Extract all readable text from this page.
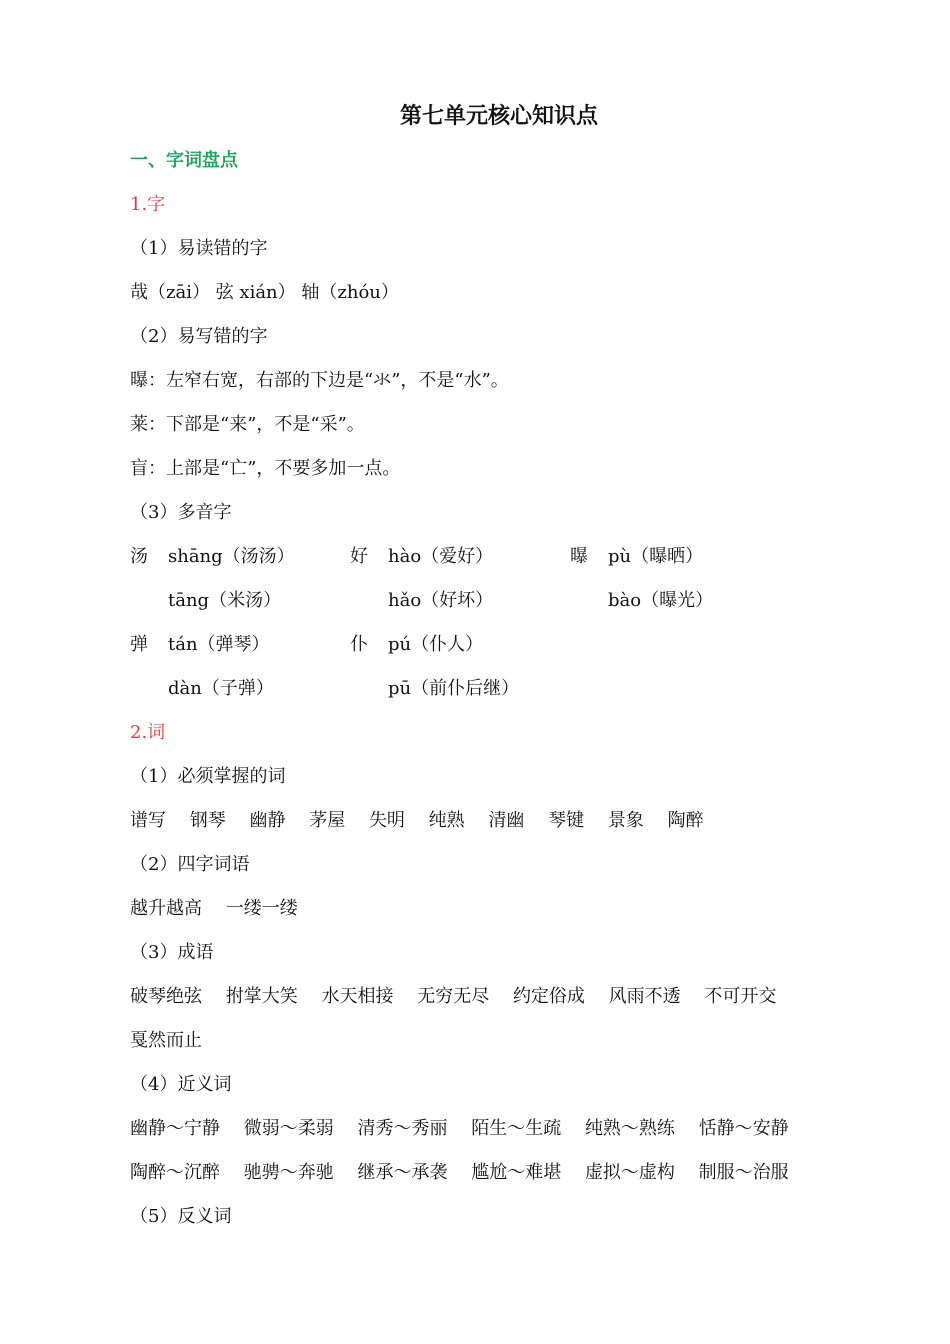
第七单元核心知识点
一、字词盘点
1.字
（1）易读错的字
哉（zāi） 弦 xián） 轴（zhóu）
（2）易写错的字
曝：左窄右宽，右部的下边是“氺”，不是“水”。
莱：下部是“来”，不是“采”。
盲：上部是“亡”，不要多加一点。
（3）多音字
汤 shāng（汤汤）
tāng（米汤）
好 hào（爱好）
hǎo（好坏）
曝 pù（曝晒）
bào（曝光）
弹 tán（弹琴）
dàn（子弹）
仆 pú（仆人）
pū（前仆后继）
2.词
（1）必须掌握的词
谱写 钢琴 幽静 茅屋 失明 纯熟 清幽 琴键 景象 陶醉
（2）四字词语
越升越高 一缕一缕
（3）成语
破琴绝弦 拊掌大笑 水天相接 无穷无尽 约定俗成 风雨不透 不可开交
戛然而止
（4）近义词
幽静～宁静 微弱～柔弱 清秀～秀丽 陌生～生疏 纯熟～熟练 恬静～安静
陶醉～沉醉 驰骋～奔驰 继承～承袭 尴尬～难堪 虚拟～虚构 制服～治服
（5）反义词
